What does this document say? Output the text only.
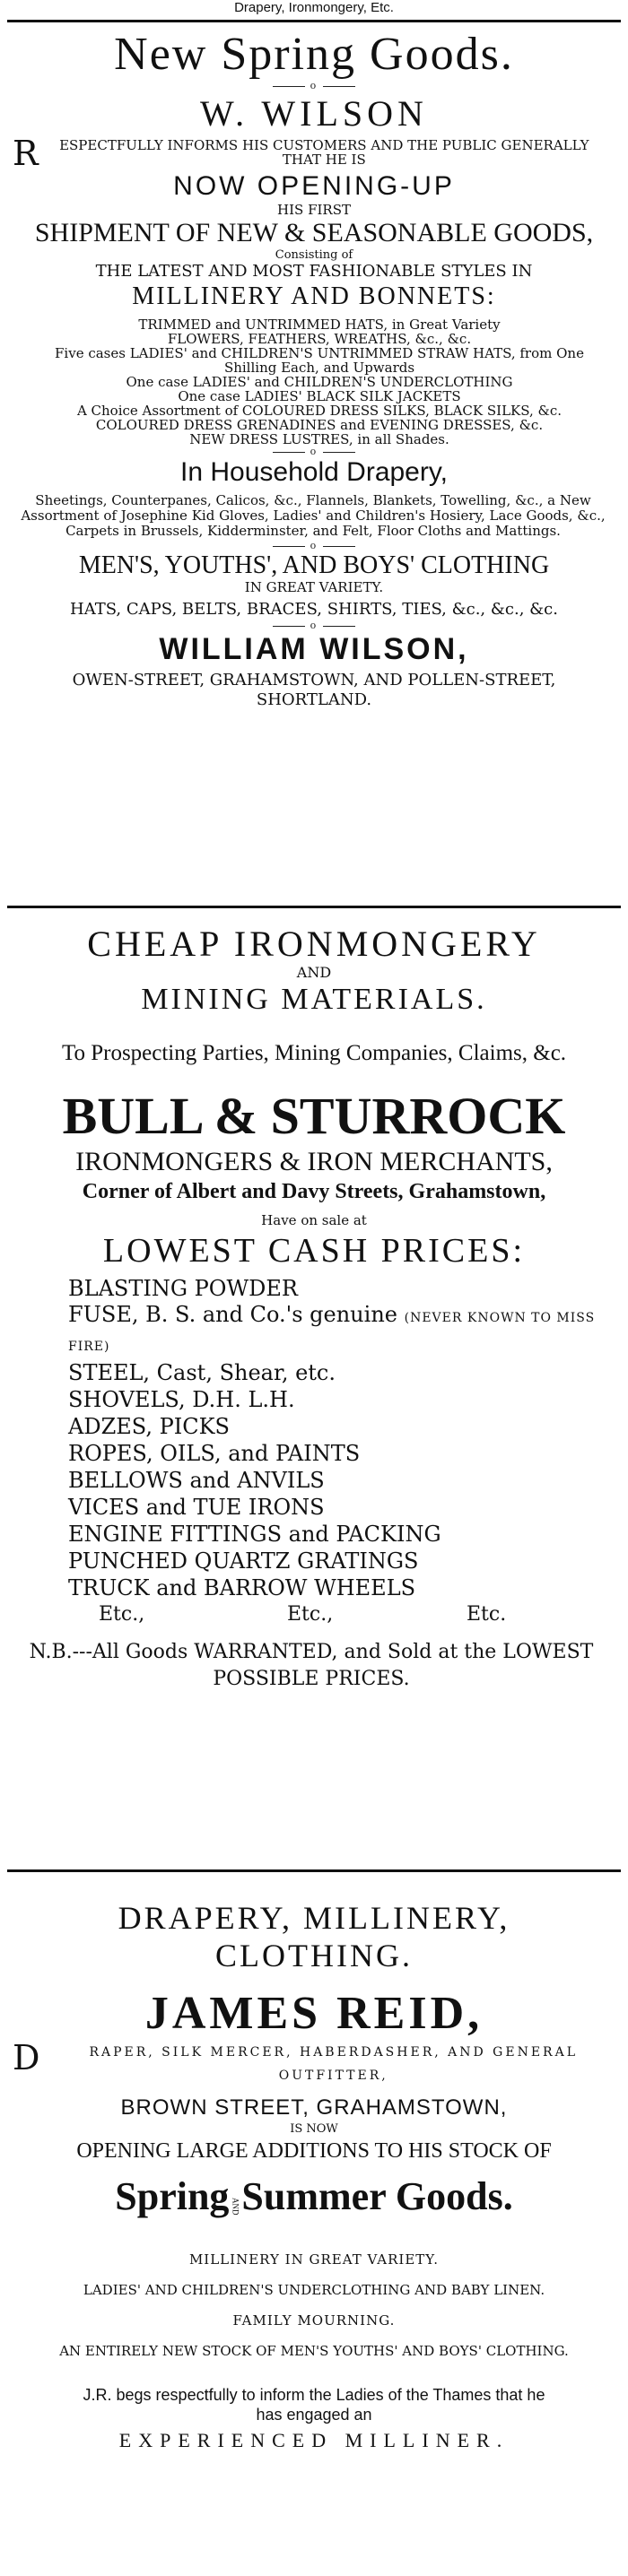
Drapery, Ironmongery, Etc.
New Spring Goods.
o
W. WILSON
R	ESPECTFULLY INFORMS HIS CUSTOMERS AND THE PUBLIC GENERALLY THAT HE IS
NOW OPENING-UP
HIS FIRST
SHIPMENT OF NEW & SEASONABLE GOODS,
Consisting of
THE LATEST AND MOST FASHIONABLE STYLES IN
MILLINERY AND BONNETS:
TRIMMED and UNTRIMMED HATS, in Great Variety
FLOWERS, FEATHERS, WREATHS, &c., &c.
Five cases LADIES' and CHILDREN'S UNTRIMMED STRAW HATS, from One Shilling Each, and Upwards
One case LADIES' and CHILDREN'S UNDERCLOTHING
One case LADIES' BLACK SILK JACKETS
A Choice Assortment of COLOURED DRESS SILKS, BLACK SILKS, &c.
COLOURED DRESS GRENADINES and EVENING DRESSES, &c.
NEW DRESS LUSTRES, in all Shades.
o
In Household Drapery,
Sheetings, Counterpanes, Calicos, &c., Flannels, Blankets, Towelling, &c., a New Assortment of Josephine Kid Gloves, Ladies' and Children's Hosiery, Lace Goods, &c., Carpets in Brussels, Kidderminster, and Felt, Floor Cloths and Mattings.
o
MEN'S, YOUTHS', AND BOYS' CLOTHING
IN GREAT VARIETY.
HATS, CAPS, BELTS, BRACES, SHIRTS, TIES, &c., &c., &c.
o
WILLIAM WILSON,
OWEN-STREET, GRAHAMSTOWN, AND POLLEN-STREET,
SHORTLAND.
CHEAP IRONMONGERY
AND
MINING MATERIALS.
To Prospecting Parties, Mining Companies, Claims, &c.
BULL & STURROCK
IRONMONGERS & IRON MERCHANTS,
Corner of Albert and Davy Streets, Grahamstown,
Have on sale at
LOWEST CASH PRICES:
BLASTING POWDER
FUSE, B. S. and Co.'s genuine (NEVER KNOWN TO MISS FIRE)
STEEL, Cast, Shear, etc.
SHOVELS, D.H. L.H.
ADZES, PICKS
ROPES, OILS, and PAINTS
BELLOWS and ANVILS
VICES and TUE IRONS
ENGINE FITTINGS and PACKING
PUNCHED QUARTZ GRATINGS
TRUCK and BARROW WHEELS
Etc.,	Etc.,	Etc.
N.B.---All Goods WARRANTED, and Sold at the LOWEST POSSIBLE PRICES.
DRAPERY, MILLINERY,
CLOTHING.
JAMES REID,
D	RAPER, SILK MERCER, HABERDASHER, AND GENERAL OUTFITTER,
BROWN STREET, GRAHAMSTOWN,
IS NOW
OPENING LARGE ADDITIONS TO HIS STOCK OF
Spring ANDSummer Goods.
MILLINERY IN GREAT VARIETY.
LADIES' AND CHILDREN'S UNDERCLOTHING AND BABY LINEN.
FAMILY MOURNING.
AN ENTIRELY NEW STOCK OF MEN'S YOUTHS' AND BOYS' CLOTHING.
J.R. begs respectfully to inform the Ladies of the Thames that he has engaged an
EXPERIENCED MILLINER.
